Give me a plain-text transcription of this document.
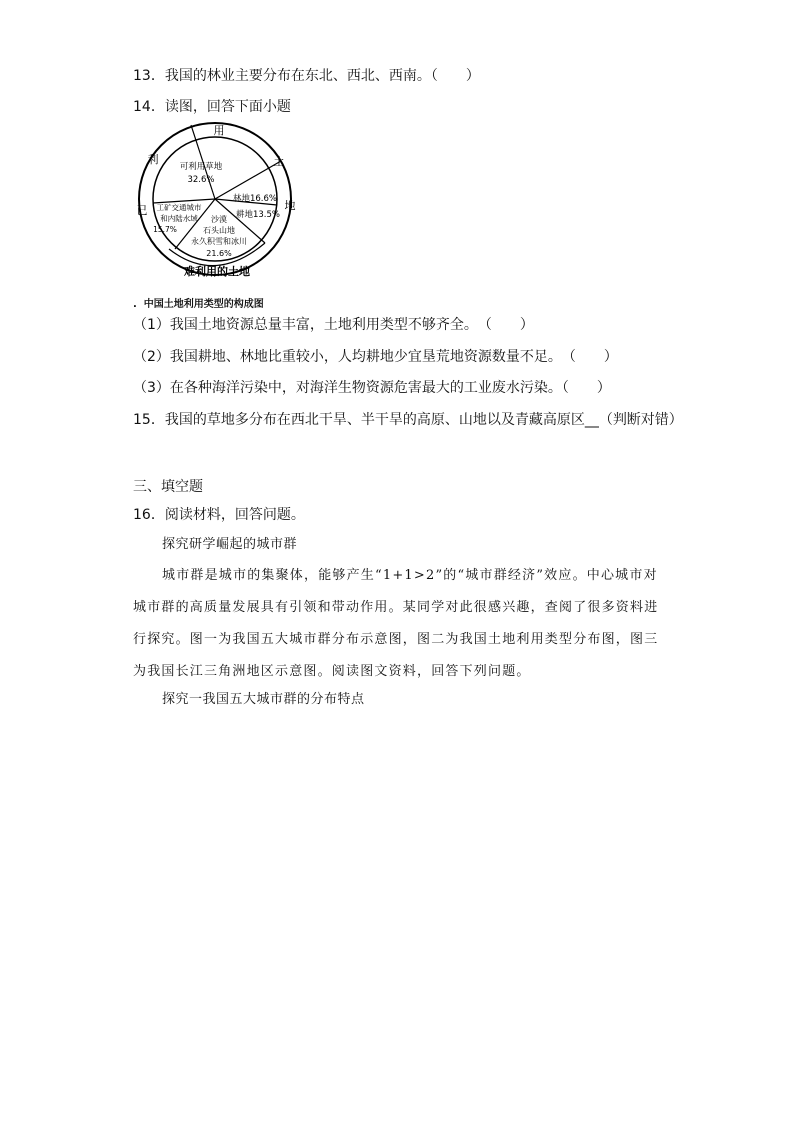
13．我国的林业主要分布在东北、西北、西南。（　　）
14．读图，回答下面小题
用
利	土
地
已
难利用的土地
可利用草地
32.6%
林地16.6%
耕地13.5%
工矿交通城市
和内陆水域
15.7%
沙漠
石头山地
永久积雪和冰川
21.6%
.  中国土地利用类型的构成图
（1）我国土地资源总量丰富，土地利用类型不够齐全。　（　　）
（2）我国耕地、林地比重较小，人均耕地少宜垦荒地资源数量不足。　（　　）
（3）在各种海洋污染中，对海洋生物资源危害最大的工业废水污染。（　　）
15．我国的草地多分布在西北干旱、半干旱的高原、山地以及青藏高原区__（判断对错）
三、填空题
16．阅读材料，回答问题。
探究研学崛起的城市群
城市群是城市的集聚体，能够产生“1+1>2”的“城市群经济”效应。中心城市对城市群的高质量发展具有引领和带动作用。某同学对此很感兴趣，查阅了很多资料进行探究。图一为我国五大城市群分布示意图，图二为我国土地利用类型分布图，图三为我国长江三角洲地区示意图。阅读图文资料，回答下列问题。
探究一我国五大城市群的分布特点
